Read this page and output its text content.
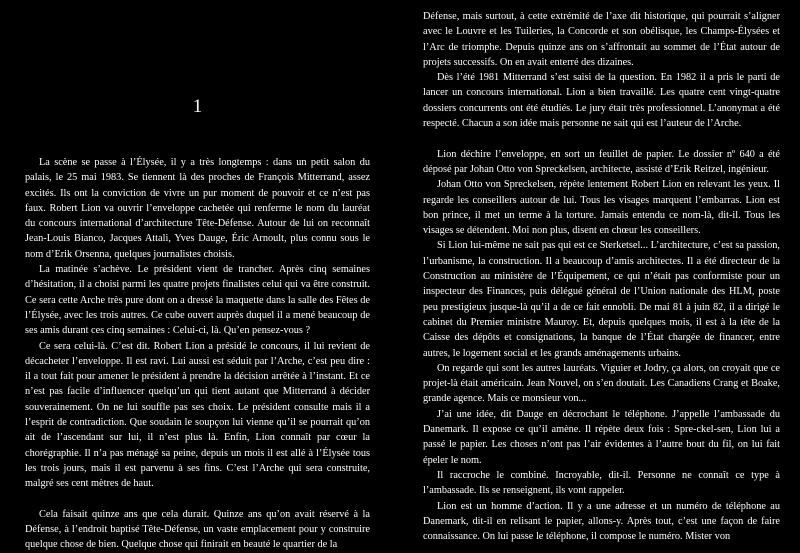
1

La scène se passe à l’Élysée, il y a très longtemps : dans un petit salon du palais, le 25 mai 1983. Se tiennent là des proches de François Mitterrand, assez excités. Ils ont la conviction de vivre un pur moment de pouvoir et ce n’est pas faux. Robert Lion va ouvrir l’enveloppe cachetée qui renferme le nom du lauréat du concours international d’architecture Tête-Défense. Autour de lui on reconnaît Jean-Louis Bianco, Jacques Attali, Yves Dauge, Éric Arnoult, plus connu sous le nom d’Erik Orsenna, quelques journalistes choisis.

La matinée s’achève. Le président vient de trancher. Après cinq semaines d’hésitation, il a choisi parmi les quatre projets finalistes celui qui va être construit. Ce sera cette Arche très pure dont on a dressé la maquette dans la salle des Fêtes de l’Élysée, avec les trois autres. Ce cube ouvert auprès duquel il a mené beaucoup de ses amis durant ces cinq semaines : Celui-ci, là. Qu’en pensez-vous ?

Ce sera celui-là. C’est dit. Robert Lion a présidé le concours, il lui revient de décacheter l’enveloppe. Il est ravi. Lui aussi est séduit par l’Arche, c’est peu dire : il a tout fait pour amener le président à prendre la décision arrêtée à l’instant. Et ce n’est pas facile d’influencer quelqu’un qui tient autant que Mitterrand à décider souverainement. On ne lui souffle pas ses choix. Le président consulte mais il a l’esprit de contradiction. Que soudain le soupçon lui vienne qu’il se pourrait qu’on ait de l’ascendant sur lui, il n’est plus là. Enfin, Lion connaît par cœur la chorégraphie. Il n’a pas ménagé sa peine, depuis un mois il est allé à l’Élysée tous les trois jours, mais il est parvenu à ses fins. C’est l’Arche qui sera construite, malgré ses cent mètres de haut.

Cela faisait quinze ans que cela durait. Quinze ans qu’on avait réservé à la Défense, à l’endroit baptisé Tête-Défense, un vaste emplacement pour y construire quelque chose de bien. Quelque chose qui finirait en beauté le quartier de la

Défense, mais surtout, à cette extrémité de l’axe dit historique, qui pourrait s’aligner avec le Louvre et les Tuileries, la Concorde et son obélisque, les Champs-Élysées et l’Arc de triomphe. Depuis quinze ans on s’affrontait au sommet de l’État autour de projets successifs. On en avait enterré des dizaines.

Dès l’été 1981 Mitterrand s’est saisi de la question. En 1982 il a pris le parti de lancer un concours international. Lion a bien travaillé. Les quatre cent vingt-quatre dossiers concurrents ont été étudiés. Le jury était très professionnel. L’anonymat a été respecté. Chacun a son idée mais personne ne sait qui est l’auteur de l’Arche.

Lion déchire l’enveloppe, en sort un feuillet de papier. Le dossier nº 640 a été déposé par Johan Otto von Spreckelsen, architecte, assisté d’Erik Reitzel, ingénieur.

Johan Otto von Spreckelsen, répète lentement Robert Lion en relevant les yeux. Il regarde les conseillers autour de lui. Tous les visages marquent l’embarras. Lion est bon prince, il met un terme à la torture. Jamais entendu ce nom-là, dit-il. Tous les visages se détendent. Moi non plus, disent en chœur les conseillers.

Si Lion lui-même ne sait pas qui est ce Sterketsel... L’architecture, c’est sa passion, l’urbanisme, la construction. Il a beaucoup d’amis architectes. Il a été directeur de la Construction au ministère de l’Équipement, ce qui n’était pas conformiste pour un inspecteur des Finances, puis délégué général de l’Union nationale des HLM, poste peu prestigieux jusque-là qu’il a de ce fait ennobli. De mai 81 à juin 82, il a dirigé le cabinet du Premier ministre Mauroy. Et, depuis quelques mois, il est à la tête de la Caisse des dépôts et consignations, la banque de l’État chargée de financer, entre autres, le logement social et les grands aménagements urbains.

On regarde qui sont les autres lauréats. Viguier et Jodry, ça alors, on croyait que ce projet-là était américain. Jean Nouvel, on s’en doutait. Les Canadiens Crang et Boake, grande agence. Mais ce monsieur von...

J’ai une idée, dit Dauge en décrochant le téléphone. J’appelle l’ambassade du Danemark. Il expose ce qu’il amène. Il répète deux fois : Spre-ckel-sen, Lion lui a passé le papier. Les choses n’ont pas l’air évidentes à l’autre bout du fil, on lui fait épeler le nom.

Il raccroche le combiné. Incroyable, dit-il. Personne ne connaît ce type à l’ambassade. Ils se renseignent, ils vont rappeler.

Lion est un homme d’action. Il y a une adresse et un numéro de téléphone au Danemark, dit-il en relisant le papier, allons-y. Après tout, c’est une façon de faire connaissance. On lui passe le téléphone, il compose le numéro. Mister von
